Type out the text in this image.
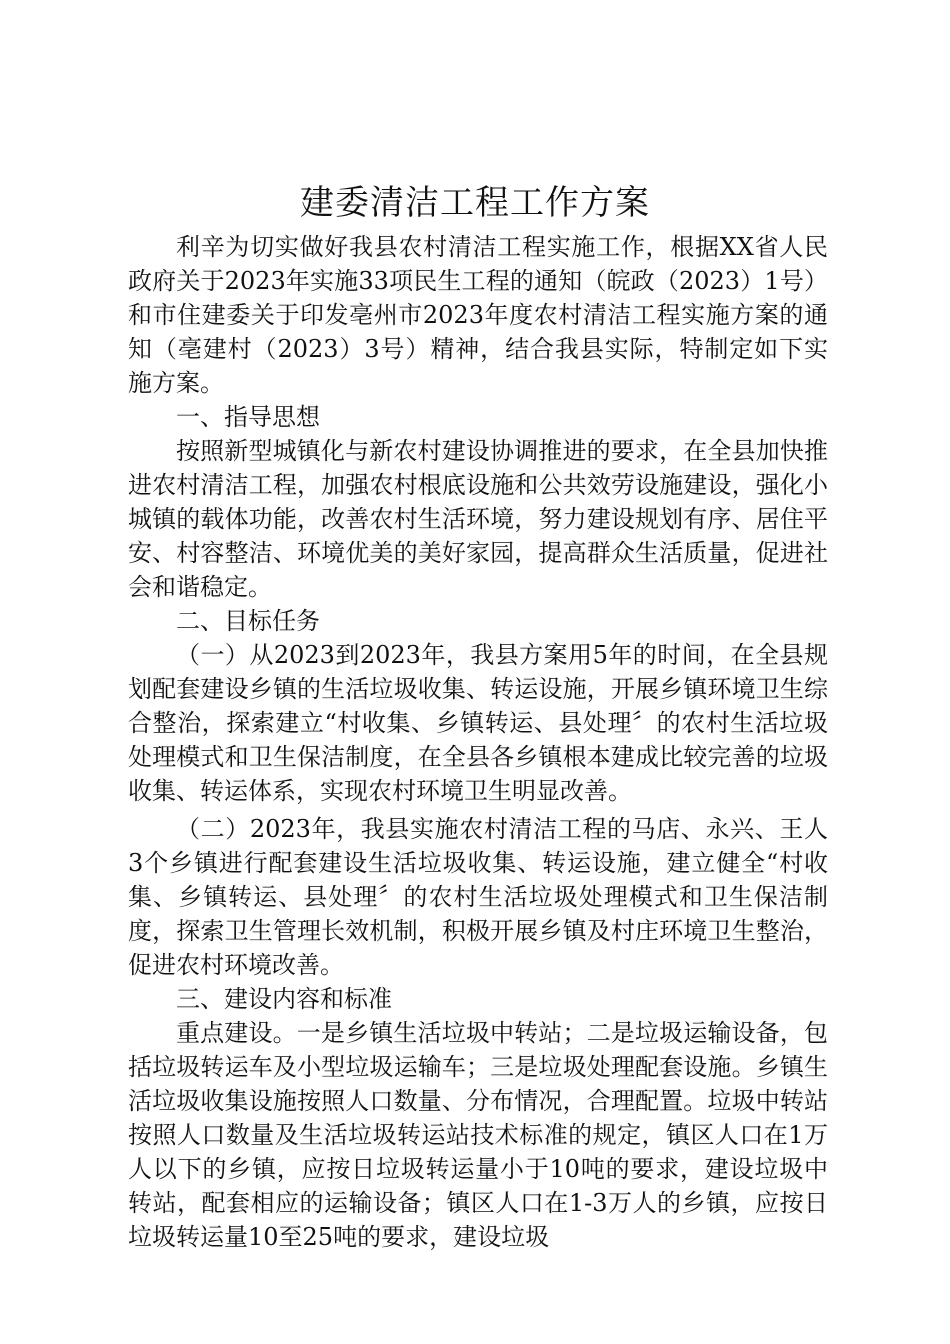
建委清洁工程工作方案

利辛为切实做好我县农村清洁工程实施工作，根据XX省人民政府关于2023年实施33项民生工程的通知（皖政（2023）1号）和市住建委关于印发亳州市2023年度农村清洁工程实施方案的通知（亳建村（2023）3号）精神，结合我县实际，特制定如下实施方案。

一、指导思想

按照新型城镇化与新农村建设协调推进的要求，在全县加快推进农村清洁工程，加强农村根底设施和公共效劳设施建设，强化小城镇的载体功能，改善农村生活环境，努力建设规划有序、居住平安、村容整洁、环境优美的美好家园，提高群众生活质量，促进社会和谐稳定。

二、目标任务

（一）从2023到2023年，我县方案用5年的时间，在全县规划配套建设乡镇的生活垃圾收集、转运设施，开展乡镇环境卫生综合整治，探索建立“村收集、乡镇转运、县处理〞的农村生活垃圾处理模式和卫生保洁制度，在全县各乡镇根本建成比较完善的垃圾收集、转运体系，实现农村环境卫生明显改善。

（二）2023年，我县实施农村清洁工程的马店、永兴、王人3个乡镇进行配套建设生活垃圾收集、转运设施，建立健全“村收集、乡镇转运、县处理〞的农村生活垃圾处理模式和卫生保洁制度，探索卫生管理长效机制，积极开展乡镇及村庄环境卫生整治，促进农村环境改善。

三、建设内容和标准

重点建设。一是乡镇生活垃圾中转站；二是垃圾运输设备，包括垃圾转运车及小型垃圾运输车；三是垃圾处理配套设施。乡镇生活垃圾收集设施按照人口数量、分布情况，合理配置。垃圾中转站按照人口数量及生活垃圾转运站技术标准的规定，镇区人口在1万人以下的乡镇，应按日垃圾转运量小于10吨的要求，建设垃圾中转站，配套相应的运输设备；镇区人口在1-3万人的乡镇，应按日垃圾转运量10至25吨的要求，建设垃圾
